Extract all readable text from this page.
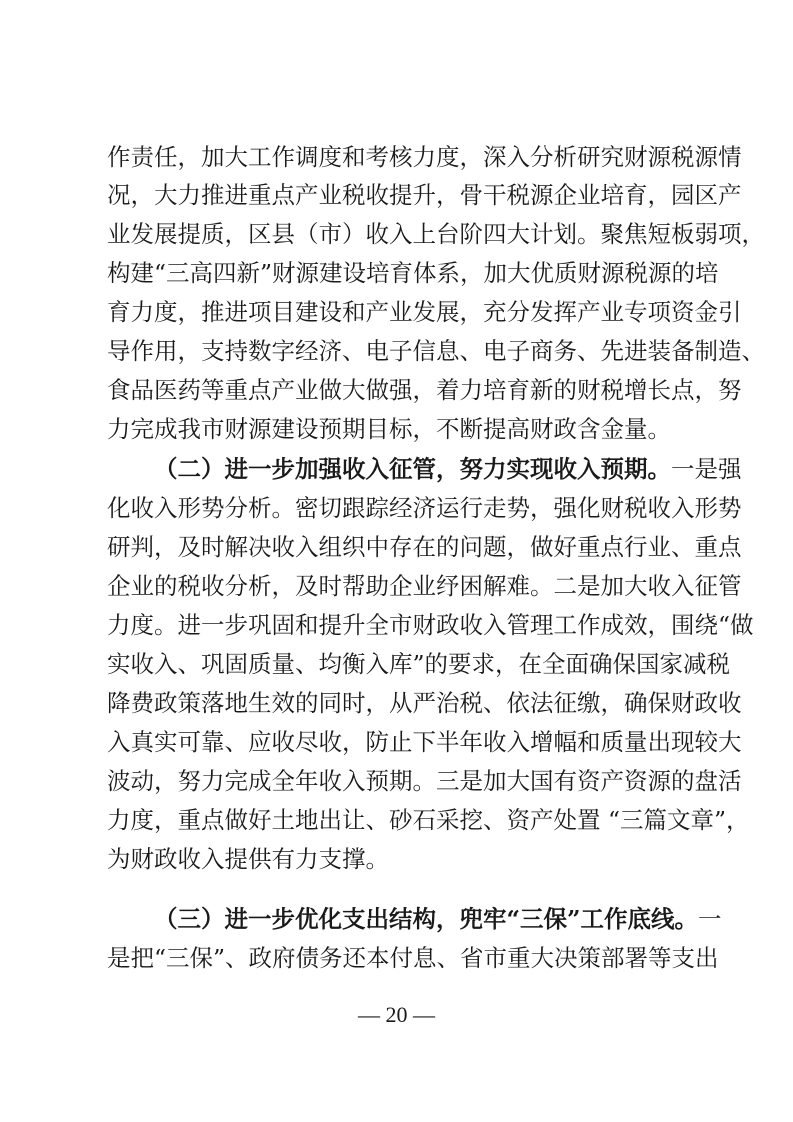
作责任，加大工作调度和考核力度，深入分析研究财源税源情
况，大力推进重点产业税收提升，骨干税源企业培育，园区产
业发展提质，区县（市）收入上台阶四大计划。聚焦短板弱项，
构建“三高四新”财源建设培育体系，加大优质财源税源的培
育力度，推进项目建设和产业发展，充分发挥产业专项资金引
导作用，支持数字经济、电子信息、电子商务、先进装备制造、
食品医药等重点产业做大做强，着力培育新的财税增长点，努
力完成我市财源建设预期目标，不断提高财政含金量。
（二）进一步加强收入征管，努力实现收入预期。一是强
化收入形势分析。密切跟踪经济运行走势，强化财税收入形势
研判，及时解决收入组织中存在的问题，做好重点行业、重点
企业的税收分析，及时帮助企业纾困解难。二是加大收入征管
力度。进一步巩固和提升全市财政收入管理工作成效，围绕“做
实收入、巩固质量、均衡入库”的要求，在全面确保国家减税
降费政策落地生效的同时，从严治税、依法征缴，确保财政收
入真实可靠、应收尽收，防止下半年收入增幅和质量出现较大
波动，努力完成全年收入预期。三是加大国有资产资源的盘活
力度，重点做好土地出让、砂石采挖、资产处置 “三篇文章”，
为财政收入提供有力支撑。
（三）进一步优化支出结构，兜牢“三保”工作底线。一
是把“三保”、政府债务还本付息、省市重大决策部署等支出
— 20 —
